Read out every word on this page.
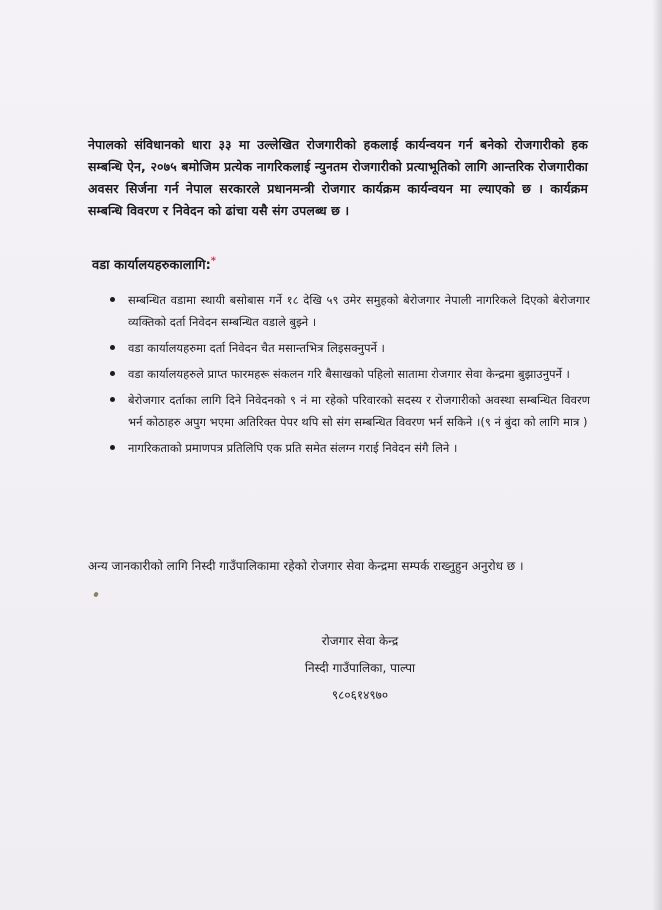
नेपालको संविधानको धारा ३३ मा उल्लेखित रोजगारीको हकलाई कार्यन्वयन गर्न बनेको रोजगारीको हक सम्बन्धि ऐन, २०७५ बमोजिम प्रत्येक नागरिकलाई न्युनतम रोजगारीको प्रत्याभूतिको लागि आन्तरिक रोजगारीका अवसर सिर्जना गर्न नेपाल सरकारले प्रधानमन्त्री रोजगार कार्यक्रम कार्यन्वयन मा ल्याएको छ । कार्यक्रम सम्बन्धि विवरण र निवेदन को ढांचा यसै संग उपलब्ध छ ।

वडा कार्यालयहरुकालागि:*
सम्बन्धित वडामा स्थायी बसोबास गर्ने १८ देखि ५९ उमेर समुहको बेरोजगार नेपाली नागरिकले दिएको बेरोजगार व्यक्तिको दर्ता निवेदन सम्बन्धित वडाले बुझ्ने ।
वडा कार्यालयहरुमा दर्ता निवेदन चैत मसान्तभित्र लिइसक्नुपर्ने ।
वडा कार्यालयहरुले प्राप्त फारमहरू संकलन गरि बैसाखको पहिलो सातामा रोजगार सेवा केन्द्रमा बुझाउनुपर्ने ।
बेरोजगार दर्ताका लागि दिने निवेदनको ९ नं मा रहेको परिवारको सदस्य र रोजगारीको अवस्था सम्बन्धित विवरण भर्न कोठाहरु अपुग भएमा अतिरिक्त पेपर थपि सो संग सम्बन्धित विवरण भर्न सकिने ।(९ नं बुंदा को लागि मात्र )
नागरिकताको प्रमाणपत्र प्रतिलिपि एक प्रति समेत संलग्न गराई निवेदन संगै लिने ।

अन्य जानकारीको लागि निस्दी गाउँपालिकामा रहेको रोजगार सेवा केन्द्रमा सम्पर्क राख्नुहुन अनुरोध छ ।

रोजगार सेवा केन्द्र
निस्दी गाउँपालिका, पाल्पा
९८०६१४९७०
